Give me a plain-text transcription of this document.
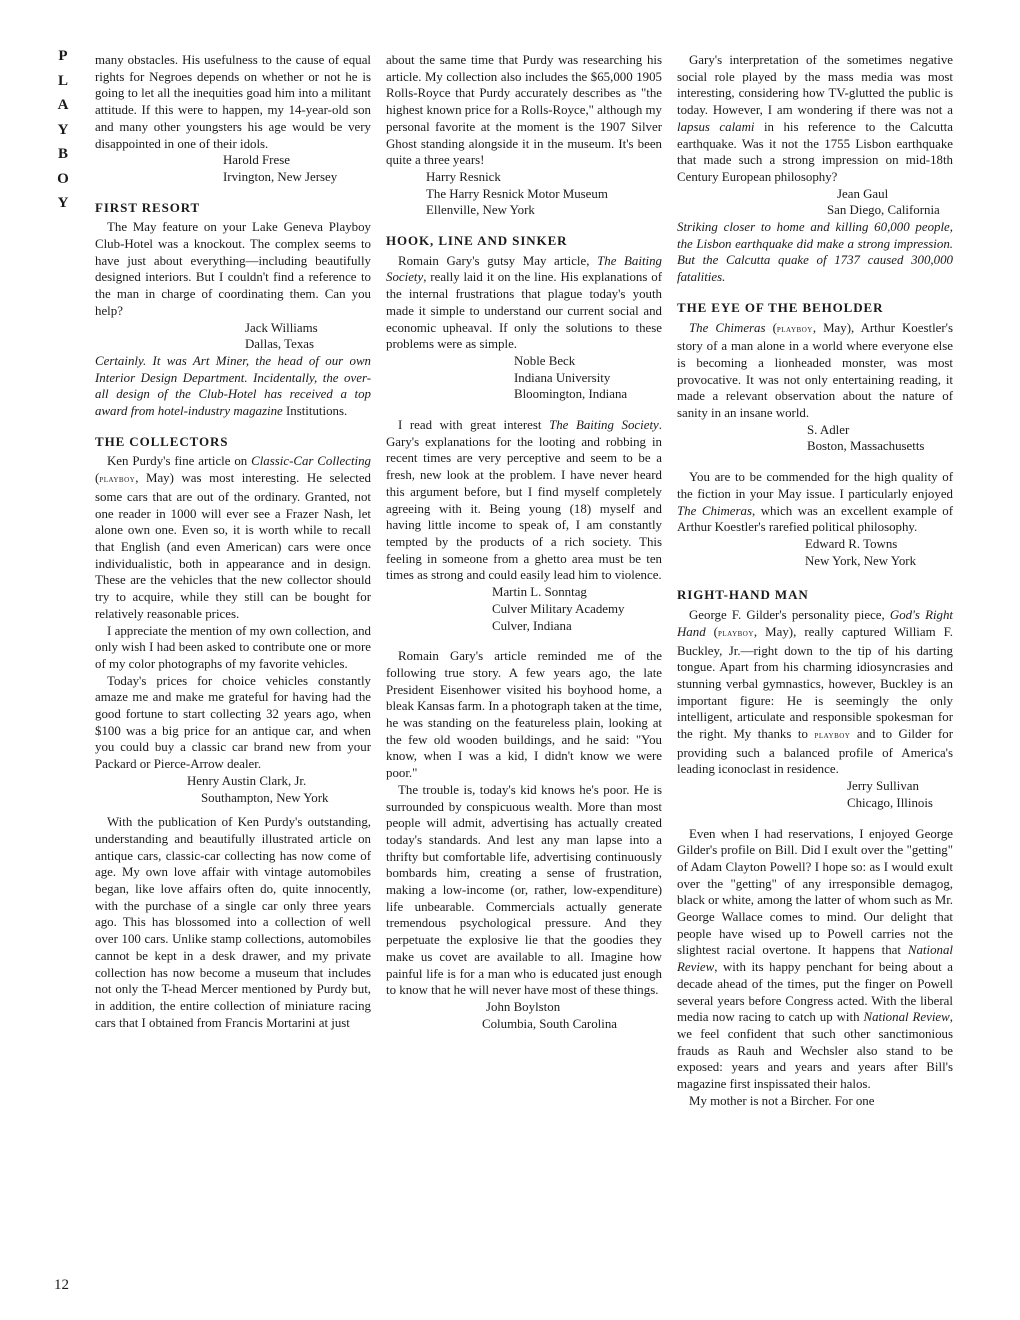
P
L
A
Y
B
O
Y
12

many obstacles. His usefulness to the cause of equal rights for Negroes depends on whether or not he is going to let all the inequities goad him into a militant attitude. If this were to happen, my 14-year-old son and many other youngsters his age would be very disappointed in one of their idols.

Harold Frese
Irvington, New Jersey
FIRST RESORT

The May feature on your Lake Geneva Playboy Club-Hotel was a knockout. The complex seems to have just about everything—including beautifully designed interiors. But I couldn't find a reference to the man in charge of coordinating them. Can you help?

Jack Williams
Dallas, Texas

Certainly. It was Art Miner, the head of our own Interior Design Department. Incidentally, the over-all design of the Club-Hotel has received a top award from hotel-industry magazine Institutions.

THE COLLECTORS

Ken Purdy's fine article on Classic-Car Collecting (playboy, May) was most interesting. He selected some cars that are out of the ordinary. Granted, not one reader in 1000 will ever see a Frazer Nash, let alone own one. Even so, it is worth while to recall that English (and even American) cars were once individualistic, both in appearance and in design. These are the vehicles that the new collector should try to acquire, while they still can be bought for relatively reasonable prices.

I appreciate the mention of my own collection, and only wish I had been asked to contribute one or more of my color photographs of my favorite vehicles.

Today's prices for choice vehicles constantly amaze me and make me grateful for having had the good fortune to start collecting 32 years ago, when $100 was a big price for an antique car, and when you could buy a classic car brand new from your Packard or Pierce-Arrow dealer.

Henry Austin Clark, Jr.
Southampton, New York

With the publication of Ken Purdy's outstanding, understanding and beautifully illustrated article on antique cars, classic-car collecting has now come of age. My own love affair with vintage automobiles began, like love affairs often do, quite innocently, with the purchase of a single car only three years ago. This has blossomed into a collection of well over 100 cars. Unlike stamp collections, automobiles cannot be kept in a desk drawer, and my private collection has now become a museum that includes not only the T-head Mercer mentioned by Purdy but, in addition, the entire collection of miniature racing cars that I obtained from Francis Mortarini at just

about the same time that Purdy was researching his article. My collection also includes the $65,000 1905 Rolls-Royce that Purdy accurately describes as "the highest known price for a Rolls-Royce," although my personal favorite at the moment is the 1907 Silver Ghost standing alongside it in the museum. It's been quite a three years!

Harry Resnick
The Harry Resnick Motor Museum
Ellenville, New York
HOOK, LINE AND SINKER

Romain Gary's gutsy May article, The Baiting Society, really laid it on the line. His explanations of the internal frustrations that plague today's youth made it simple to understand our current social and economic upheaval. If only the solutions to these problems were as simple.

Noble Beck
Indiana University
Bloomington, Indiana

I read with great interest The Baiting Society. Gary's explanations for the looting and robbing in recent times are very perceptive and seem to be a fresh, new look at the problem. I have never heard this argument before, but I find myself completely agreeing with it. Being young (18) myself and having little income to speak of, I am constantly tempted by the products of a rich society. This feeling in someone from a ghetto area must be ten times as strong and could easily lead him to violence.

Martin L. Sonntag
Culver Military Academy
Culver, Indiana

Romain Gary's article reminded me of the following true story. A few years ago, the late President Eisenhower visited his boyhood home, a bleak Kansas farm. In a photograph taken at the time, he was standing on the featureless plain, looking at the few old wooden buildings, and he said: "You know, when I was a kid, I didn't know we were poor."

The trouble is, today's kid knows he's poor. He is surrounded by conspicuous wealth. More than most people will admit, advertising has actually created today's standards. And lest any man lapse into a thrifty but comfortable life, advertising continuously bombards him, creating a sense of frustration, making a low-income (or, rather, low-expenditure) life unbearable. Commercials actually generate tremendous psychological pressure. And they perpetuate the explosive lie that the goodies they make us covet are available to all. Imagine how painful life is for a man who is educated just enough to know that he will never have most of these things.

John Boylston
Columbia, South Carolina

Gary's interpretation of the sometimes negative social role played by the mass media was most interesting, considering how TV-glutted the public is today. However, I am wondering if there was not a lapsus calami in his reference to the Calcutta earthquake. Was it not the 1755 Lisbon earthquake that made such a strong impression on mid-18th Century European philosophy?

Jean Gaul
San Diego, California

Striking closer to home and killing 60,000 people, the Lisbon earthquake did make a strong impression. But the Calcutta quake of 1737 caused 300,000 fatalities.

THE EYE OF THE BEHOLDER

The Chimeras (playboy, May), Arthur Koestler's story of a man alone in a world where everyone else is becoming a lionheaded monster, was most provocative. It was not only entertaining reading, it made a relevant observation about the nature of sanity in an insane world.

S. Adler
Boston, Massachusetts

You are to be commended for the high quality of the fiction in your May issue. I particularly enjoyed The Chimeras, which was an excellent example of Arthur Koestler's rarefied political philosophy.

Edward R. Towns
New York, New York
RIGHT-HAND MAN

George F. Gilder's personality piece, God's Right Hand (playboy, May), really captured William F. Buckley, Jr.—right down to the tip of his darting tongue. Apart from his charming idiosyncrasies and stunning verbal gymnastics, however, Buckley is an important figure: He is seemingly the only intelligent, articulate and responsible spokesman for the right. My thanks to playboy and to Gilder for providing such a balanced profile of America's leading iconoclast in residence.

Jerry Sullivan
Chicago, Illinois

Even when I had reservations, I enjoyed George Gilder's profile on Bill. Did I exult over the "getting" of Adam Clayton Powell? I hope so: as I would exult over the "getting" of any irresponsible demagog, black or white, among the latter of whom such as Mr. George Wallace comes to mind. Our delight that people have wised up to Powell carries not the slightest racial overtone. It happens that National Review, with its happy penchant for being about a decade ahead of the times, put the finger on Powell several years before Congress acted. With the liberal media now racing to catch up with National Review, we feel confident that such other sanctimonious frauds as Rauh and Wechsler also stand to be exposed: years and years and years after Bill's magazine first inspissated their halos.

My mother is not a Bircher. For one
